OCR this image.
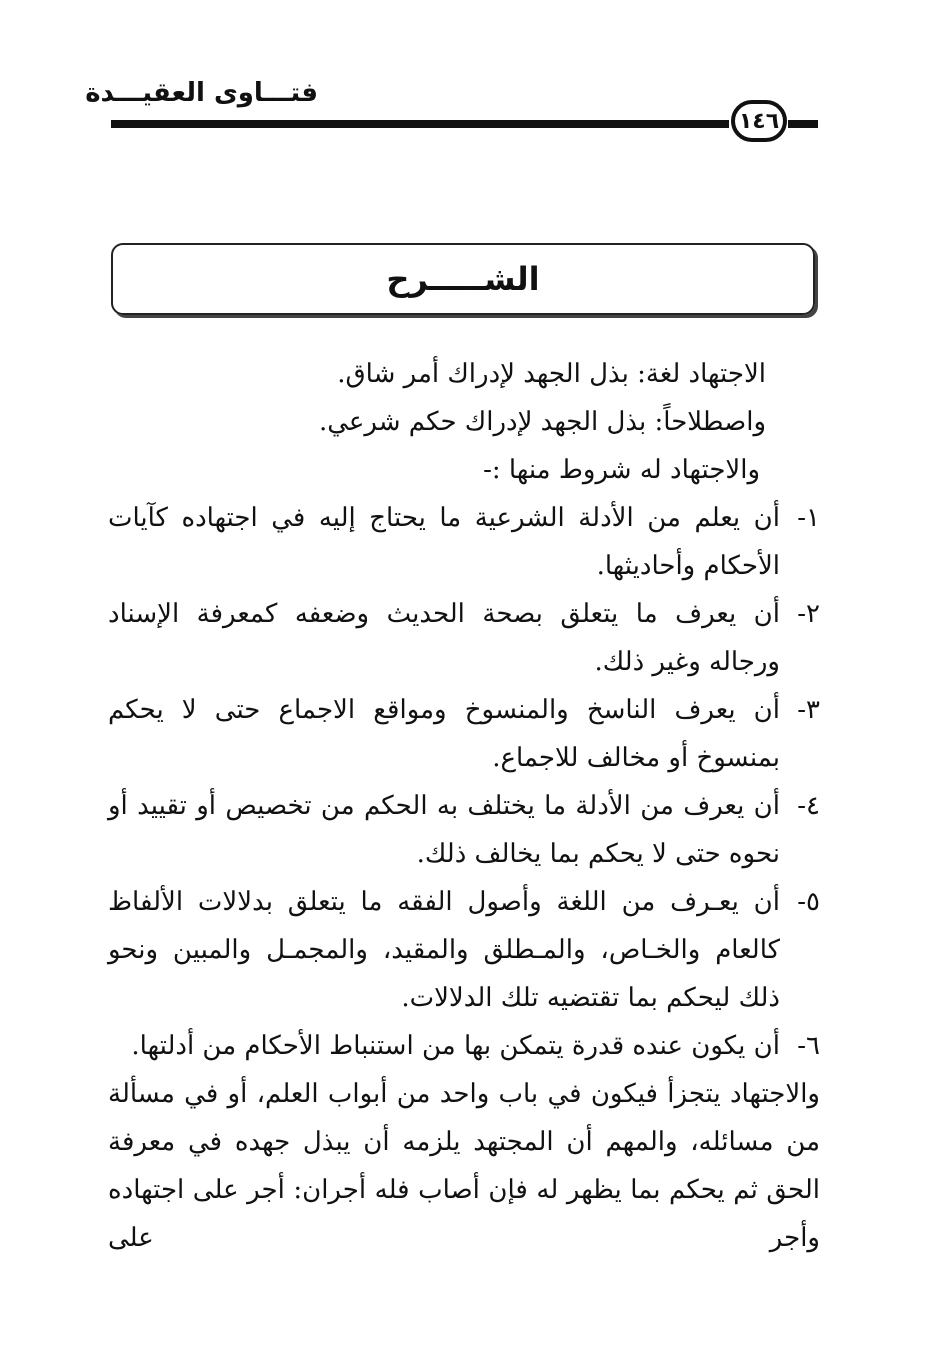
فتـــاوى العقيـــدة
١٤٦
الشـــــرح
الاجتهاد لغة: بذل الجهد لإدراك أمر شاق.
واصطلاحاً: بذل الجهد لإدراك حكم شرعي.
والاجتهاد له شروط منها :-
١-
أن يعلم من الأدلة الشرعية ما يحتاج إليه في اجتهاده كآيات الأحكام وأحاديثها.
٢-
أن يعرف ما يتعلق بصحة الحديث وضعفه كمعرفة الإسناد ورجاله وغير ذلك.
٣-
أن يعرف الناسخ والمنسوخ ومواقع الاجماع حتى لا يحكم بمنسوخ أو مخالف للاجماع.
٤-
أن يعرف من الأدلة ما يختلف به الحكم من تخصيص أو تقييد أو نحوه حتى لا يحكم بما يخالف ذلك.
٥-
أن يعـرف من اللغة وأصول الفقه ما يتعلق بدلالات الألفاظ كالعام والخـاص، والمـطلق والمقيد، والمجمـل والمبين ونحو ذلك ليحكم بما تقتضيه تلك الدلالات.
٦-
أن يكون عنده قدرة يتمكن بها من استنباط الأحكام من أدلتها.
والاجتهاد يتجزأ فيكون في باب واحد من أبواب العلم، أو في مسألة من مسائله، والمهم أن المجتهد يلزمه أن يبذل جهده في معرفة الحق ثم يحكم بما يظهر له فإن أصاب فله أجران: أجر على اجتهاده وأجر على
